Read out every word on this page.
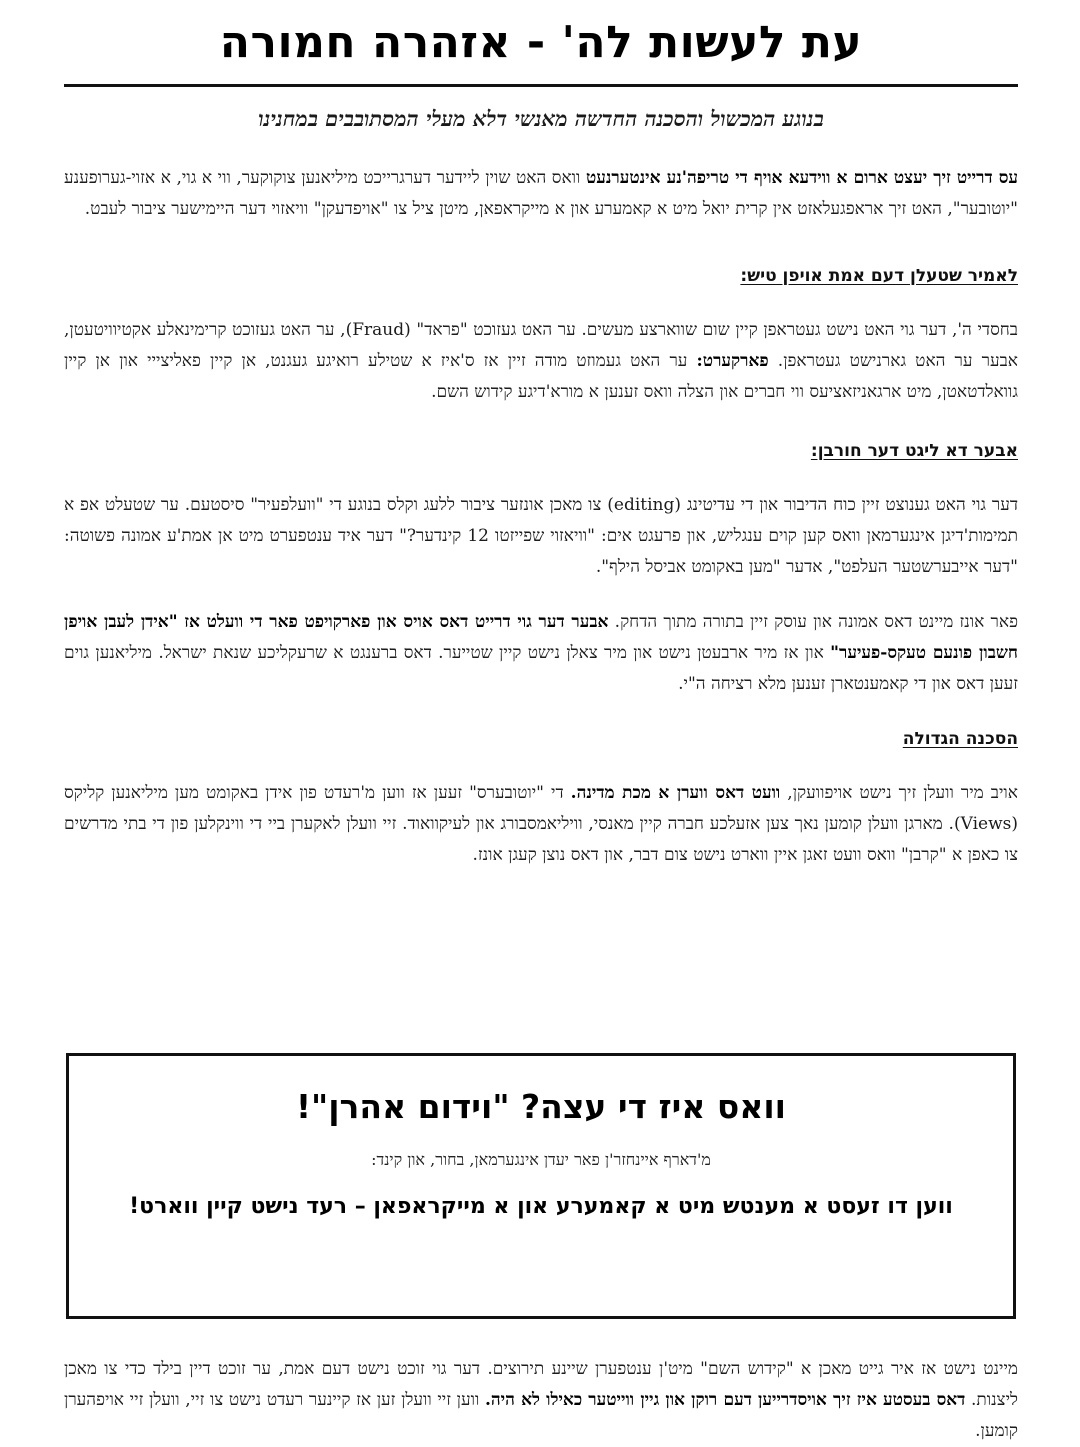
עת לעשות לה' - אזהרה חמורה
בנוגע המכשול והסכנה החדשה מאנשי דלא מעלי המסתובבים במחנינו

עס דרייט זיך יעצט ארום א ווידעא אויף די טריפה'נע אינטערנעט וואס האט שוין ליידער דערגרייכט מיליאנען צוקוקער, ווי א גוי, א אזוי-גערופענע "יוטובער", האט זיך אראפגעלאזט אין קרית יואל מיט א קאמערע און א מייקראפאן, מיטן ציל צו "אויפדעקן" וויאזוי דער היימישער ציבור לעבט.

לאמיר שטעלן דעם אמת אויפן טיש:

בחסדי ה', דער גוי האט נישט געטראפן קיין שום שווארצע מעשים. ער האט געזוכט "פראד" (Fraud), ער האט געזוכט קרימינאלע אקטיוויטעטן, אבער ער האט גארנישט געטראפן. פארקערט: ער האט געמוזט מודה זיין אז ס'איז א שטילע רואיגע געגנט, אן קיין פאליצייי און אן קיין גוואלדטאטן, מיט ארגאניזאציעס ווי חברים און הצלה וואס זענען א מורא'דיגע קידוש השם.

אבער דא ליגט דער חורבן:

דער גוי האט גענוצט זיין כוח הדיבור און די עדיטינג (editing) צו מאכן אונזער ציבור ללעג וקלס בנוגע די "וועלפעיר" סיסטעם. ער שטעלט אפ א תמימות'דיגן אינגערמאן וואס קען קוים ענגליש, און פרעגט אים: "וויאזוי שפייזטו 12 קינדער?" דער איד ענטפערט מיט אן אמת'ע אמונה פשוטה: "דער אייבערשטער העלפט", אדער "מען באקומט אביסל הילף".

פאר אונז מיינט דאס אמונה און עוסק זיין בתורה מתוך הדחק. אבער דער גוי דרייט דאס אויס און פארקויפט פאר די וועלט אז "אידן לעבן אויפן חשבון פונעם טעקס-פעיער" און אז מיר ארבעטן נישט און מיר צאלן נישט קיין שטייער. דאס ברענגט א שרעקליכע שנאת ישראל. מיליאנען גוים זעען דאס און די קאמענטארן זענען מלא רציחה ה"י.

הסכנה הגדולה

אויב מיר וועלן זיך נישט אויפוועקן, וועט דאס ווערן א מכת מדינה. די "יוטובערס" זעען אז ווען מ'רעדט פון אידן באקומט מען מיליאנען קליקס (Views). מארגן וועלן קומען נאך צען אזעלכע חברה קיין מאנסי, וויליאמסבורג און לעיקוואוד. זיי וועלן לאקערן ביי די ווינקלען פון די בתי מדרשים צו כאפן א "קרבן" וואס וועט זאגן איין ווארט נישט צום דבר, און דאס נוצן קעגן אונז.

וואס איז די עצה? "וידום אהרן"!
מ'דארף איינחזר'ן פאר יעדן אינגערמאן, בחור, און קינד:
ווען דו זעסט א מענטש מיט א קאמערע און א מייקראפאן – רעד נישט קיין ווארט!

מיינט נישט אז איר גייט מאכן א "קידוש השם" מיט'ן ענטפערן שיינע תירוצים. דער גוי זוכט נישט דעם אמת, ער זוכט דיין בילד כדי צו מאכן ליצנות. דאס בעסטע איז זיך אויסדרייען דעם רוקן און גיין ווייטער כאילו לא היה. ווען זיי וועלן זען אז קיינער רעדט נישט צו זיי, וועלן זיי אויפהערן קומען.
